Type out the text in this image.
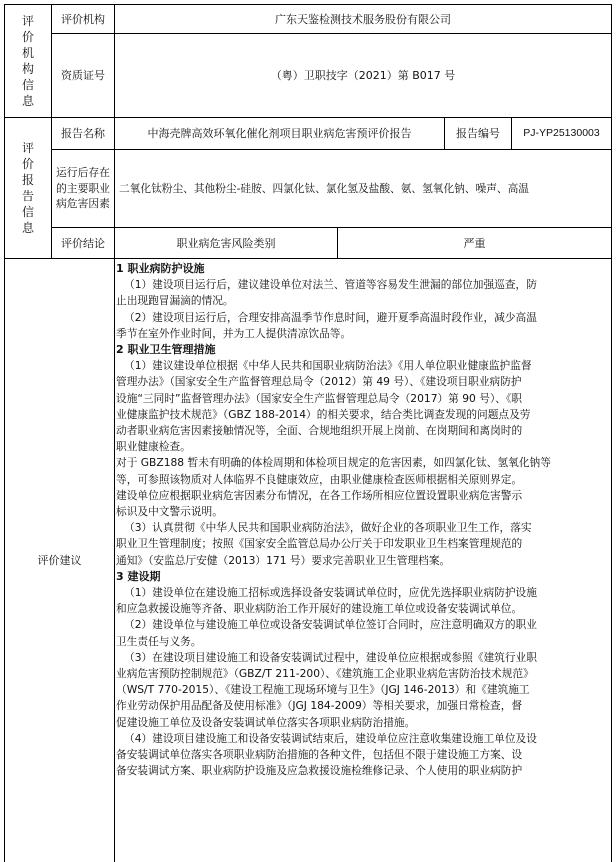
评价机构信息
评价机构	广东天鉴检测技术服务股份有限公司
资质证号	（粤）卫职技字（2021）第 B017 号
评价报告信息
报告名称	中海壳牌高效环氧化催化剂项目职业病危害预评价报告	报告编号	PJ-YP25130003
运行后存在的主要职业病危害因素
二氧化钛粉尘、其他粉尘-硅胺、四氯化钛、氯化氢及盐酸、氨、氢氧化钠、噪声、高温
评价结论	职业病危害风险类别	严重
评价建议

1 职业病防护设施

（1）建设项目运行后，建议建设单位对法兰、管道等容易发生泄漏的部位加强巡查，防

止出现跑冒漏滴的情况。

（2）建设项目运行后，合理安排高温季节作息时间，避开夏季高温时段作业，减少高温

季节在室外作业时间，并为工人提供清凉饮品等。

2 职业卫生管理措施

（1）建议建设单位根据《中华人民共和国职业病防治法》《用人单位职业健康监护监督

管理办法》（国家安全生产监督管理总局令（2012）第 49 号）、《建设项目职业病防护

设施“三同时”监督管理办法》（国家安全生产监督管理总局令（2017）第 90 号）、《职

业健康监护技术规范》（GBZ 188-2014）的相关要求，结合类比调查发现的问题点及劳

动者职业病危害因素接触情况等，全面、合规地组织开展上岗前、在岗期间和离岗时的

职业健康检查。

对于 GBZ188 暂未有明确的体检周期和体检项目规定的危害因素，如四氯化钛、氢氧化钠等

等，可参照该物质对人体临界不良健康效应，由职业健康检查医师根据相关原则界定。

建设单位应根据职业病危害因素分布情况，在各工作场所相应位置设置职业病危害警示

标识及中文警示说明。

（3）认真贯彻《中华人民共和国职业病防治法》，做好企业的各项职业卫生工作，落实

职业卫生管理制度；按照《国家安全监管总局办公厅关于印发职业卫生档案管理规范的

通知》（安监总厅安健（2013）171 号）要求完善职业卫生管理档案。

3 建设期

（1）建设单位在建设施工招标或选择设备安装调试单位时，应优先选择职业病防护设施

和应急救援设施等齐备、职业病防治工作开展好的建设施工单位或设备安装调试单位。

（2）建设单位与建设施工单位或设备安装调试单位签订合同时，应注意明确双方的职业

卫生责任与义务。

（3）在建设项目建设施工和设备安装调试过程中，建设单位应根据或参照《建筑行业职

业病危害预防控制规范》（GBZ/T 211-200）、《建筑施工企业职业病危害防治技术规范》

（WS/T 770-2015）、《建设工程施工现场环境与卫生》（JGJ 146-2013）和《建筑施工

作业劳动保护用品配备及使用标准》（JGJ 184-2009）等相关要求，加强日常检查，督

促建设施工单位及设备安装调试单位落实各项职业病防治措施。

（4）建设项目建设施工和设备安装调试结束后，建设单位应注意收集建设施工单位及设

备安装调试单位落实各项职业病防治措施的各种文件，包括但不限于建设施工方案、设

备安装调试方案、职业病防护设施及应急救援设施检维修记录、个人使用的职业病防护
